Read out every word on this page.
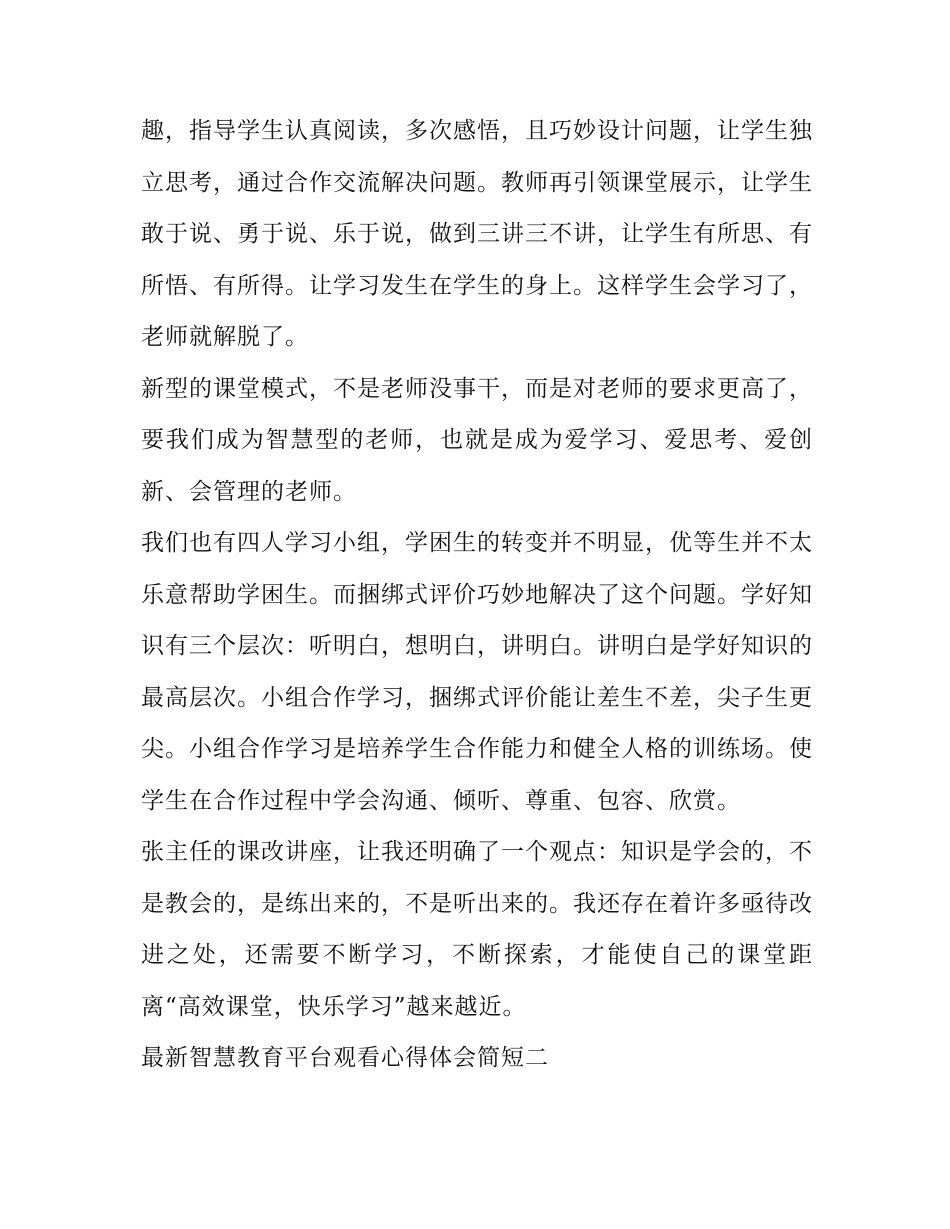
趣，指导学生认真阅读，多次感悟，且巧妙设计问题，让学生独立思考，通过合作交流解决问题。教师再引领课堂展示，让学生敢于说、勇于说、乐于说，做到三讲三不讲，让学生有所思、有所悟、有所得。让学习发生在学生的身上。这样学生会学习了，老师就解脱了。

新型的课堂模式，不是老师没事干，而是对老师的要求更高了，要我们成为智慧型的老师，也就是成为爱学习、爱思考、爱创新、会管理的老师。

我们也有四人学习小组，学困生的转变并不明显，优等生并不太乐意帮助学困生。而捆绑式评价巧妙地解决了这个问题。学好知识有三个层次：听明白，想明白，讲明白。讲明白是学好知识的最高层次。小组合作学习，捆绑式评价能让差生不差，尖子生更尖。小组合作学习是培养学生合作能力和健全人格的训练场。使学生在合作过程中学会沟通、倾听、尊重、包容、欣赏。

张主任的课改讲座，让我还明确了一个观点：知识是学会的，不是教会的，是练出来的，不是听出来的。我还存在着许多亟待改进之处，还需要不断学习，不断探索，才能使自己的课堂距离“高效课堂，快乐学习”越来越近。

最新智慧教育平台观看心得体会简短二
